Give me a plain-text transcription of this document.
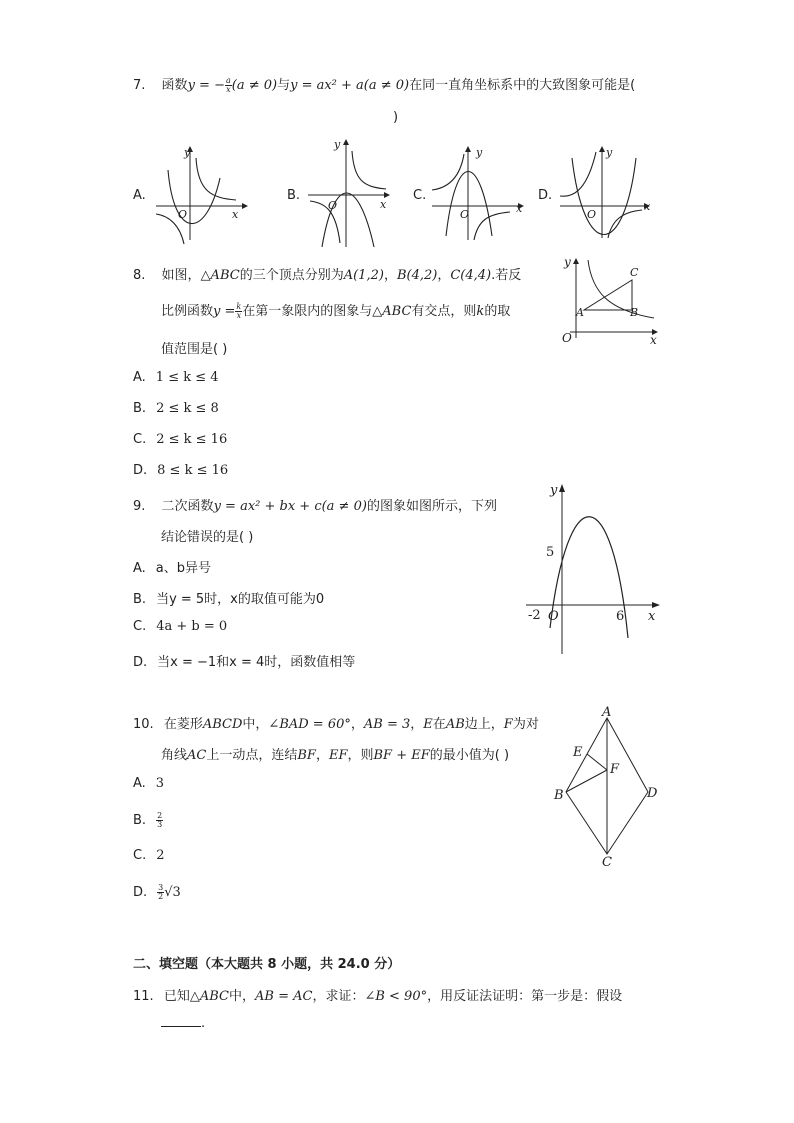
7. 函数y = − $\frac{a}{x} (a \ne 0)$与y = ax² + a(a ≠ 0)在同一直角坐标系中的大致图象可能是(
)
A.	B.	C.	D.
y
x
O
y
x
O
y
x
O
y
x
O
8. 如图，△ABC的三个顶点分别为A(1,2)，B(4,2)，C(4,4).若反
比例函数$y = \frac{k}{x}$ 在第一象限内的图象与△ABC有交点，则k的取
值范围是( )
A. 1 ≤ k ≤ 4
B. 2 ≤ k ≤ 8
C. 2 ≤ k ≤ 16
D. 8 ≤ k ≤ 16
y
x
O
A	B
C
9. 二次函数y = ax² + bx + c(a ≠ 0)的图象如图所示，下列
结论错误的是( )
A. a、b异号
B. 当y = 5时，x的取值可能为0
C. 4a + b = 0
D. 当x = −1和x = 4时，函数值相等
y
x
O
5
-2	6
10. 在菱形ABCD中，∠BAD = 60°，AB = 3，E在AB边上，F为对
角线AC上一动点，连结BF，EF，则BF + EF的最小值为( )
A. 3
B. $\frac{2}{3}$
C. 2
D. $\frac{3}{2} √3$
A
B
C
D
E
F
二、填空题（本大题共 8 小题，共 24.0 分）
11. 已知△ABC中，AB = AC，求证：∠B < 90°，用反证法证明：第一步是：假设
.
